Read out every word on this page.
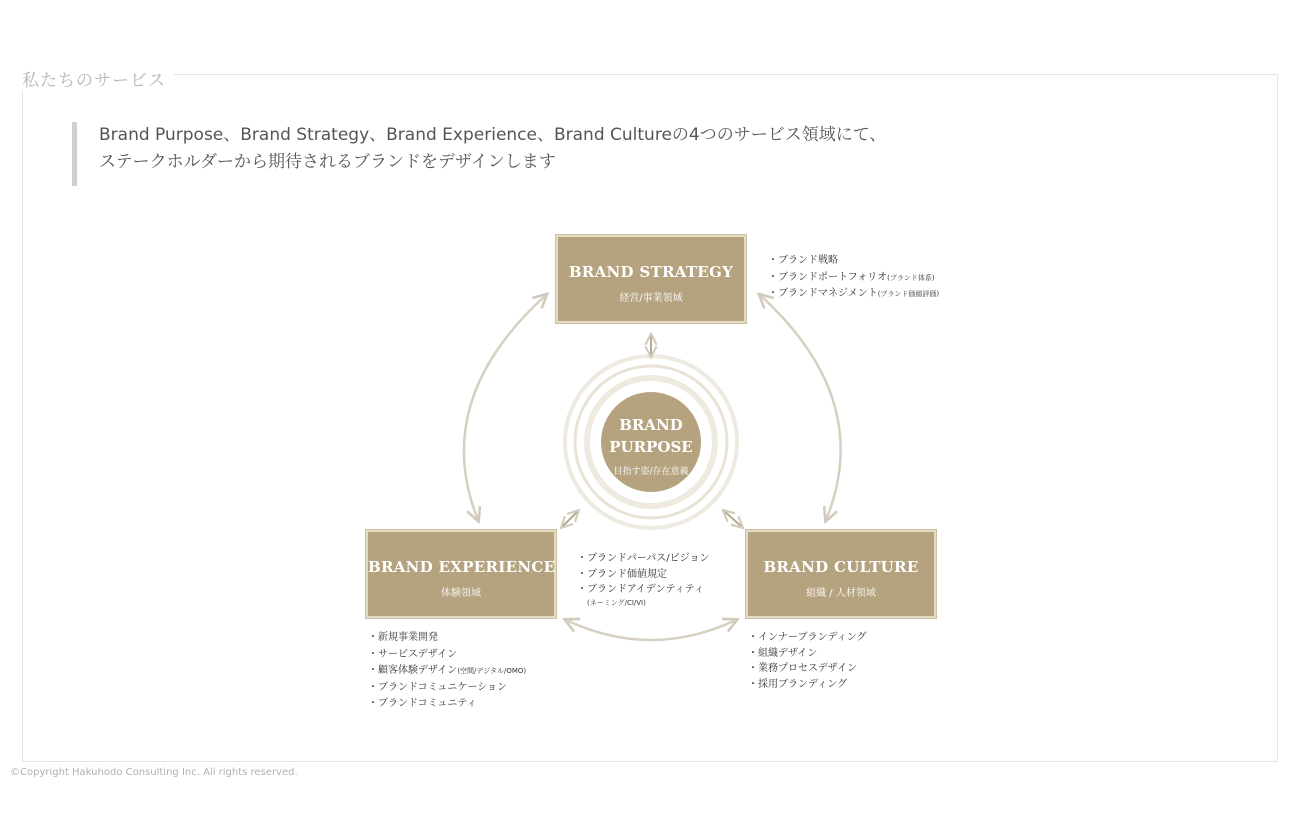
私たちのサービス
Brand Purpose、Brand Strategy、Brand Experience、Brand Cultureの4つのサービス領域にて、
ステークホルダーから期待されるブランドをデザインします
BRAND STRATEGY
経営/事業領域
BRAND
PURPOSE
目指す姿/存在意義
BRAND EXPERIENCE
体験領域
BRAND CULTURE
組織 / 人材領域
・ブランド戦略
・ブランドポートフォリオ(ブランド体系)
・ブランドマネジメント(ブランド価値評価)
・ブランドパーパス/ビジョン
・ブランド価値規定
・ブランドアイデンティティ
(ネーミング/CI/VI)
・新規事業開発
・サービスデザイン
・顧客体験デザイン(空間/デジタル/OMO)
・ブランドコミュニケーション
・ブランドコミュニティ
・インナーブランディング
・組織デザイン
・業務プロセスデザイン
・採用ブランディング
©Copyright Hakuhodo Consulting Inc. All rights reserved.
